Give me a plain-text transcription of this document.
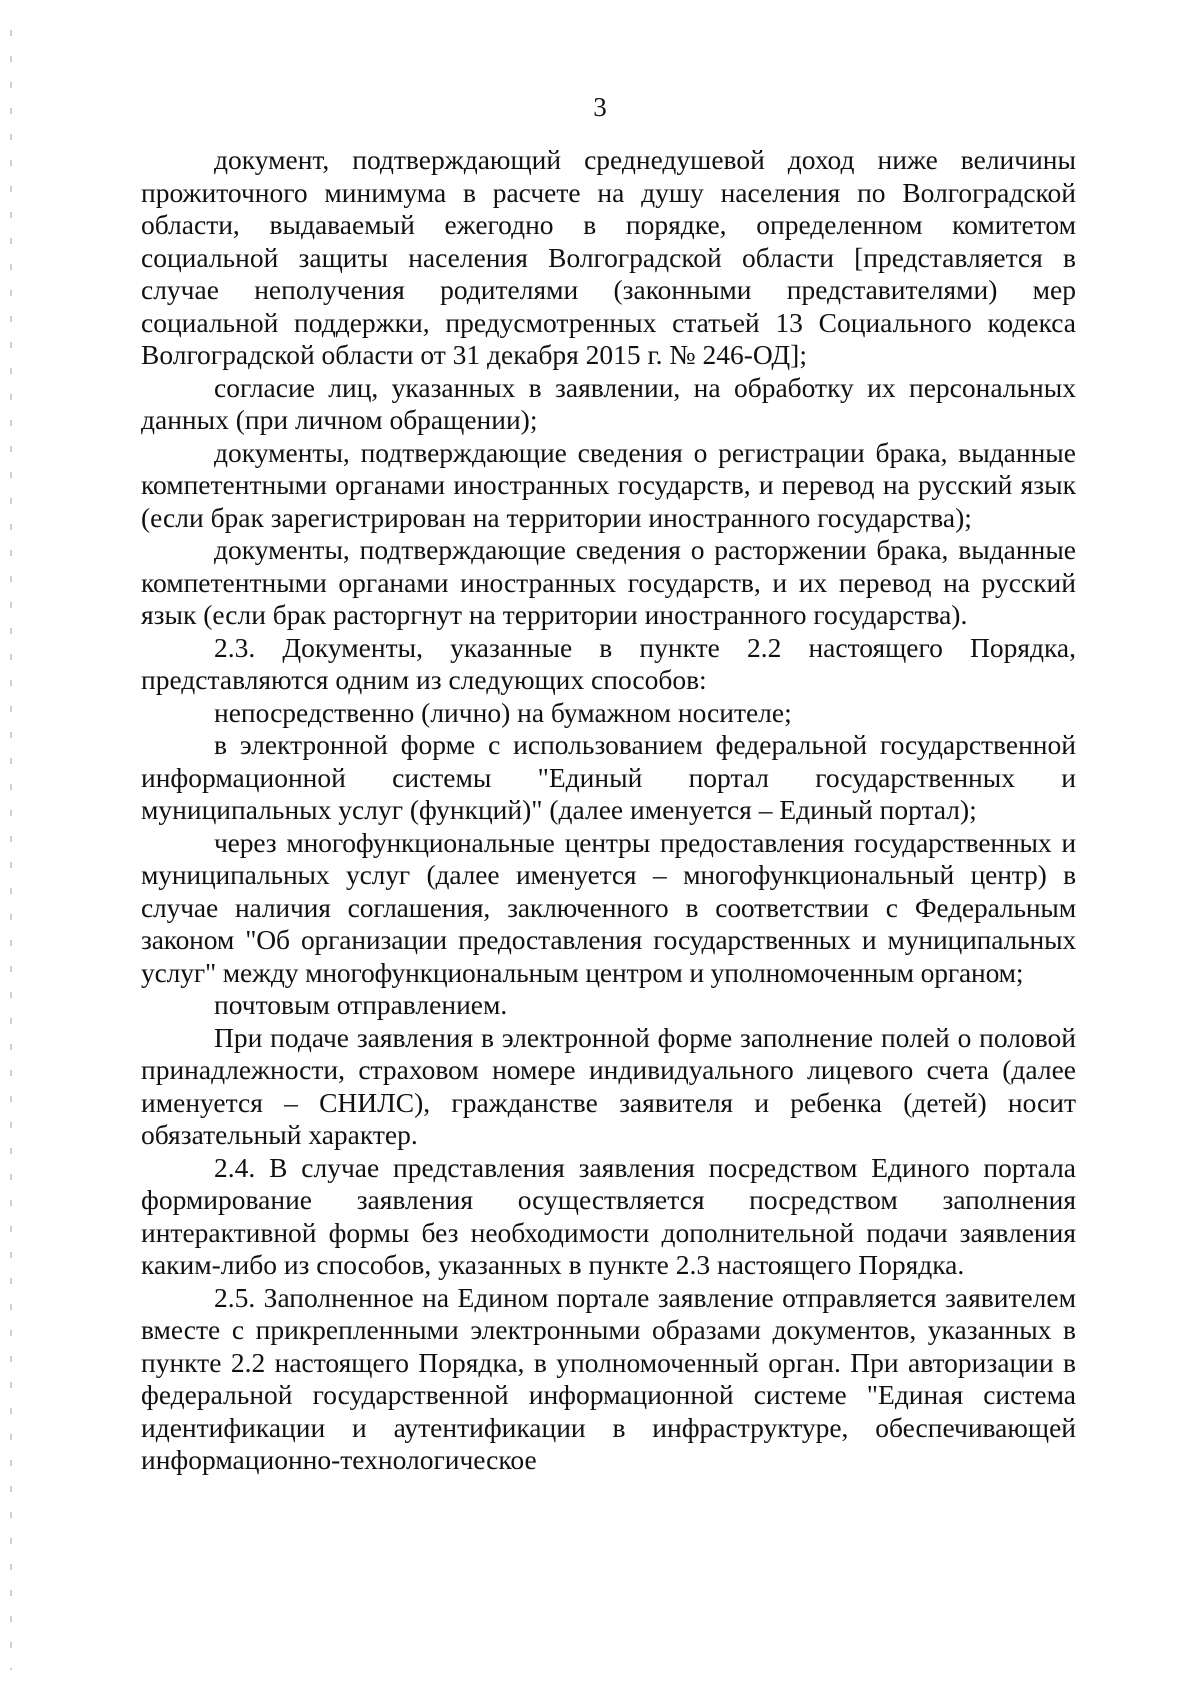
3

документ, подтверждающий среднедушевой доход ниже величины прожиточного минимума в расчете на душу населения по Волгоградской области, выдаваемый ежегодно в порядке, определенном комитетом социальной защиты населения Волгоградской области [представляется в случае неполучения родителями (законными представителями) мер социальной поддержки, предусмотренных статьей 13 Социального кодекса Волгоградской области от 31 декабря 2015 г. № 246-ОД];

согласие лиц, указанных в заявлении, на обработку их персональных данных (при личном обращении);

документы, подтверждающие сведения о регистрации брака, выданные компетентными органами иностранных государств, и перевод на русский язык (если брак зарегистрирован на территории иностранного государства);

документы, подтверждающие сведения о расторжении брака, выданные компетентными органами иностранных государств, и их перевод на русский язык (если брак расторгнут на территории иностранного государства).

2.3. Документы, указанные в пункте 2.2 настоящего Порядка, представляются одним из следующих способов:

непосредственно (лично) на бумажном носителе;

в электронной форме с использованием федеральной государственной информационной системы "Единый портал государственных и муниципальных услуг (функций)" (далее именуется – Единый портал);

через многофункциональные центры предоставления государственных и муниципальных услуг (далее именуется – многофункциональный центр) в случае наличия соглашения, заключенного в соответствии с Федеральным законом "Об организации предоставления государственных и муниципальных услуг" между многофункциональным центром и уполномоченным органом;

почтовым отправлением.

При подаче заявления в электронной форме заполнение полей о половой принадлежности, страховом номере индивидуального лицевого счета (далее именуется – СНИЛС), гражданстве заявителя и ребенка (детей) носит обязательный характер.

2.4. В случае представления заявления посредством Единого портала формирование заявления осуществляется посредством заполнения интерактивной формы без необходимости дополнительной подачи заявления каким-либо из способов, указанных в пункте 2.3 настоящего Порядка.

2.5. Заполненное на Едином портале заявление отправляется заявителем вместе с прикрепленными электронными образами документов, указанных в пункте 2.2 настоящего Порядка, в уполномоченный орган. При авторизации в федеральной государственной информационной системе "Единая система идентификации и аутентификации в инфраструктуре, обеспечивающей информационно-технологическое
